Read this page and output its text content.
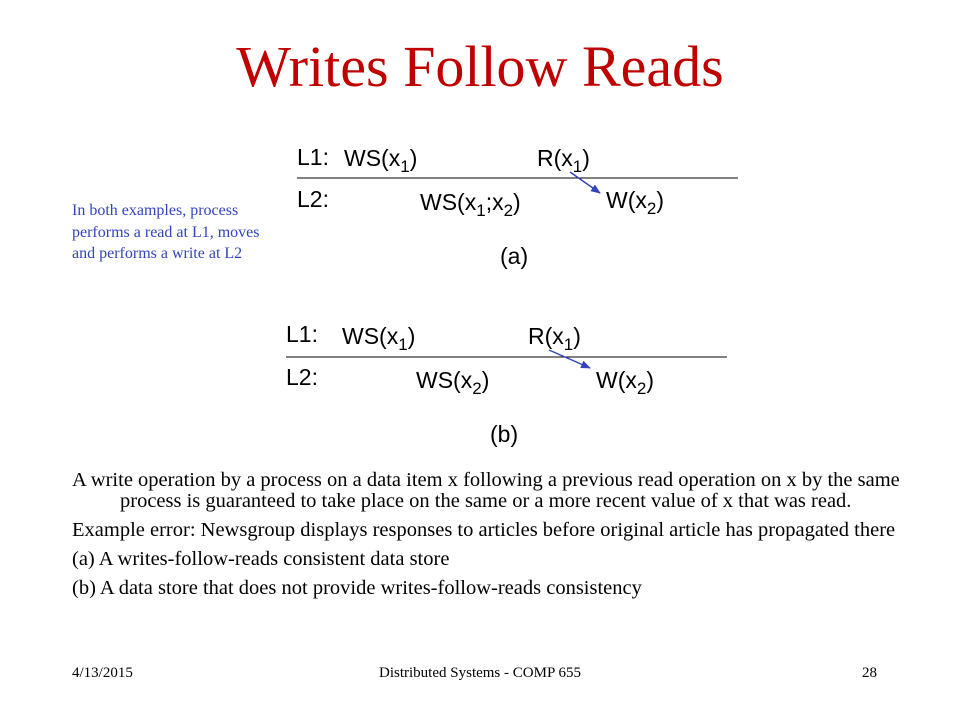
Writes Follow Reads
In both examples, process performs a read at L1, moves and performs a write at L2
L1: $WS(x_1)$	$R(x_1)$
L2:	$WS(x_1;x_2)$	$W(x_2)$
(a)
L1: $WS(x_1)$	$R(x_1)$
L2:	$WS(x_2)$	$W(x_2)$
(b)

A write operation by a process on a data item x following a previous read operation on x by the same process is guaranteed to take place on the same or a more recent value of x that was read.

Example error: Newsgroup displays responses to articles before original article has propagated there

(a) A writes-follow-reads consistent data store

(b) A data store that does not provide writes-follow-reads consistency

4/13/2015	Distributed Systems - COMP 655	28
